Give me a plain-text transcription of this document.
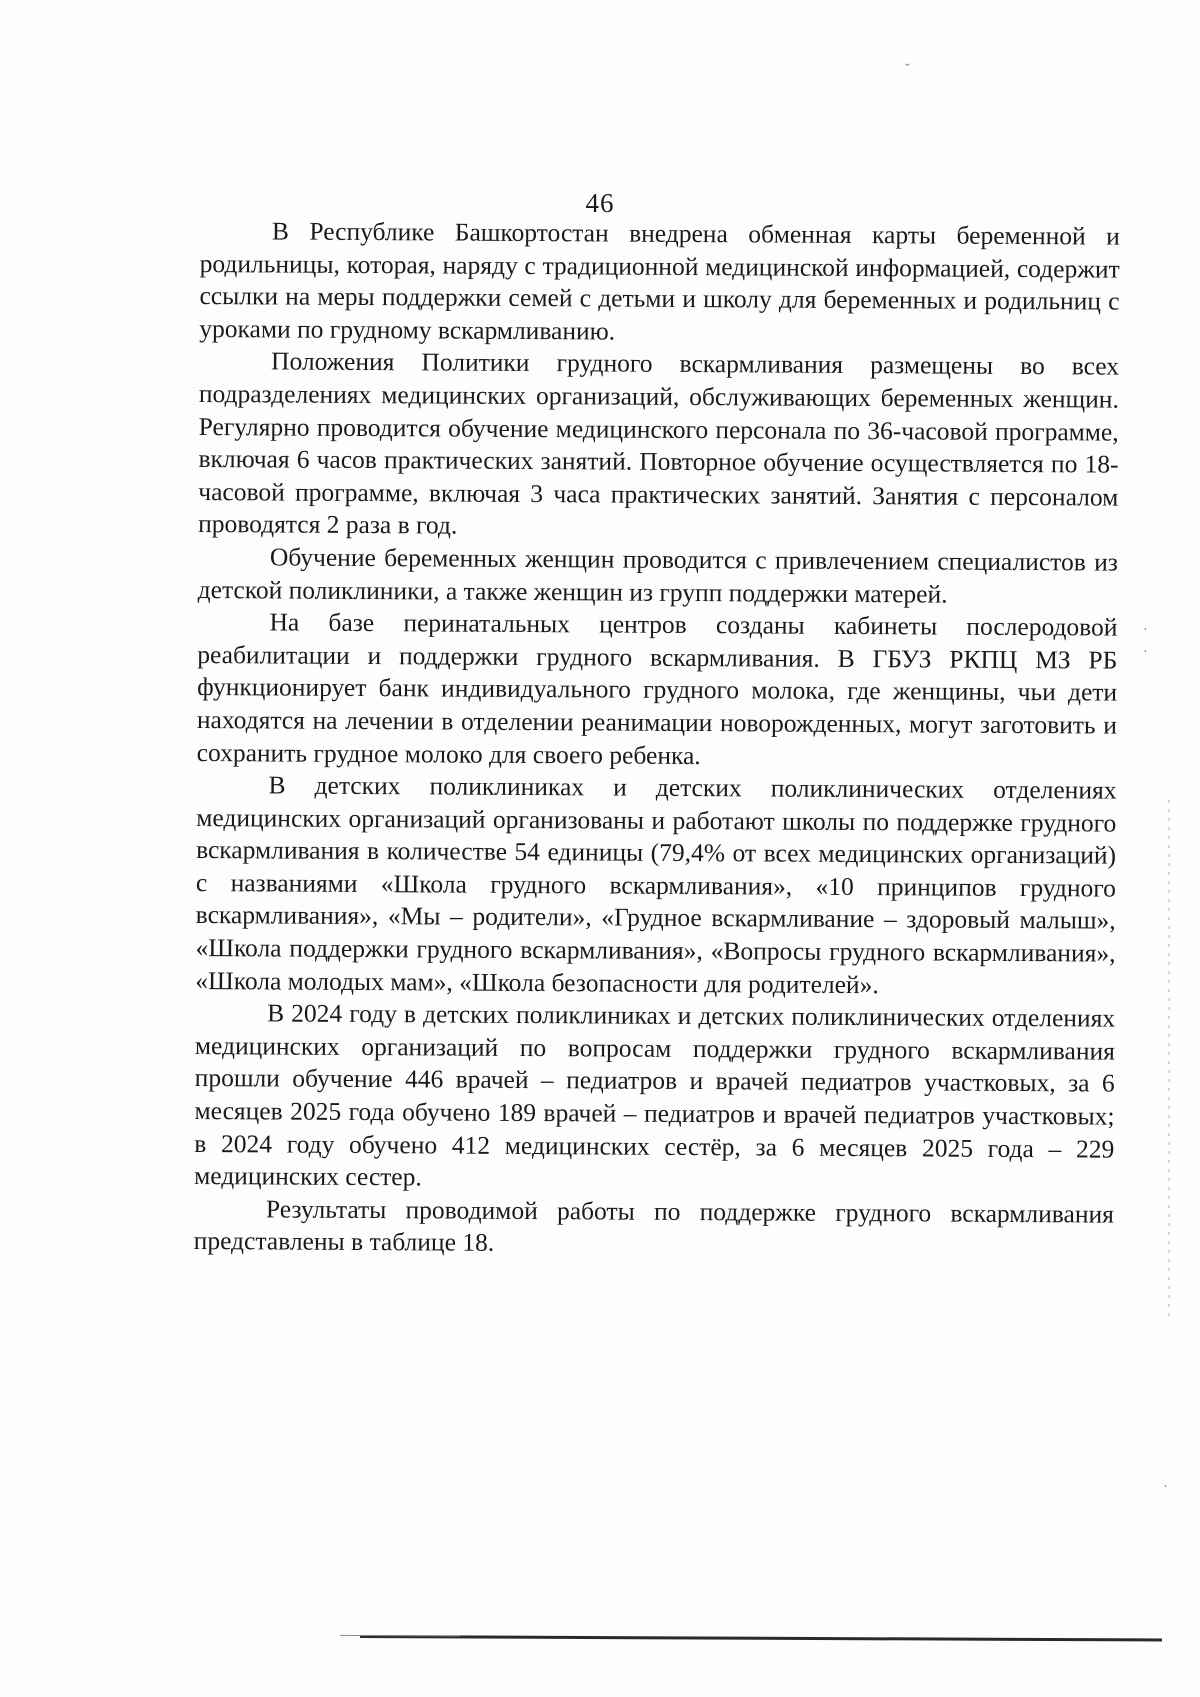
˘
·
·
·
46

В Республике Башкортостан внедрена обменная карты беременной и родильницы, которая, наряду с традиционной медицинской информацией, содержит ссылки на меры поддержки семей с детьми и школу для беременных и родильниц с уроками по грудному вскармливанию.

Положения Политики грудного вскармливания размещены во всех подразделениях медицинских организаций, обслуживающих беременных женщин. Регулярно проводится обучение медицинского персонала по 36-часовой программе, включая 6 часов практических занятий. Повторное обучение осуществляется по 18-часовой программе, включая 3 часа практических занятий. Занятия с персоналом проводятся 2 раза в год.

Обучение беременных женщин проводится с привлечением специалистов из детской поликлиники, а также женщин из групп поддержки матерей.

На базе перинатальных центров созданы кабинеты послеродовой реабилитации и поддержки грудного вскармливания. В ГБУЗ РКПЦ МЗ РБ функционирует банк индивидуального грудного молока, где женщины, чьи дети находятся на лечении в отделении реанимации новорожденных, могут заготовить и сохранить грудное молоко для своего ребенка.

В детских поликлиниках и детских поликлинических отделениях медицинских организаций организованы и работают школы по поддержке грудного вскармливания в количестве 54 единицы (79,4% от всех медицинских организаций) с названиями «Школа грудного вскармливания», «10 принципов грудного вскармливания», «Мы – родители», «Грудное вскармливание – здоровый малыш», «Школа поддержки грудного вскармливания», «Вопросы грудного вскармливания», «Школа молодых мам», «Школа безопасности для родителей».

В 2024 году в детских поликлиниках и детских поликлинических отделениях медицинских организаций по вопросам поддержки грудного вскармливания прошли обучение 446 врачей – педиатров и врачей педиатров участковых, за 6 месяцев 2025 года обучено 189 врачей – педиатров и врачей педиатров участковых; в 2024 году обучено 412 медицинских сестёр, за 6 месяцев 2025 года – 229 медицинских сестер.

Результаты проводимой работы по поддержке грудного вскармливания представлены в таблице 18.
